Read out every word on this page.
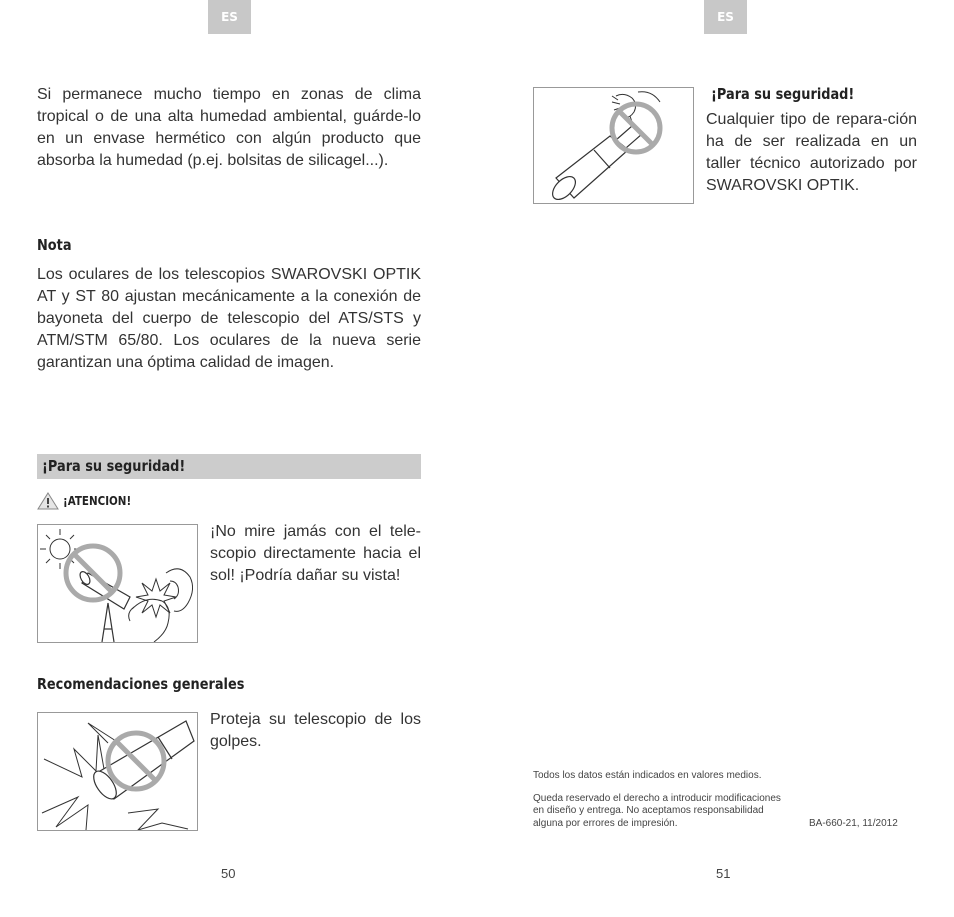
ES

Si permanece mucho tiempo en zonas de clima tropical o de una alta humedad ambiental, guárde-lo en un envase hermético con algún producto que absorba la humedad (p.ej. bolsitas de silicagel...).

Nota

Los oculares de los telescopios SWAROVSKI OPTIK AT y ST 80 ajustan mecánicamente a la conexión de bayoneta del cuerpo de telescopio del ATS/STS y ATM/STM 65/80. Los oculares de la nueva serie garantizan una óptima calidad de imagen.

¡Para su seguridad!
¡ATENCION!

¡No mire jamás con el tele-scopio directamente hacia el sol! ¡Podría dañar su vista!

Recomendaciones generales

Proteja su telescopio de los golpes.

50
ES
¡Para su seguridad!

Cualquier tipo de repara-ción ha de ser realizada en un taller técnico autorizado por SWAROVSKI OPTIK.

Todos los datos están indicados en valores medios.

Queda reservado el derecho a introducir modificaciones

en diseño y entrega. No aceptamos responsabilidad

alguna por errores de impresión.	BA-660-21, 11/2012

51
